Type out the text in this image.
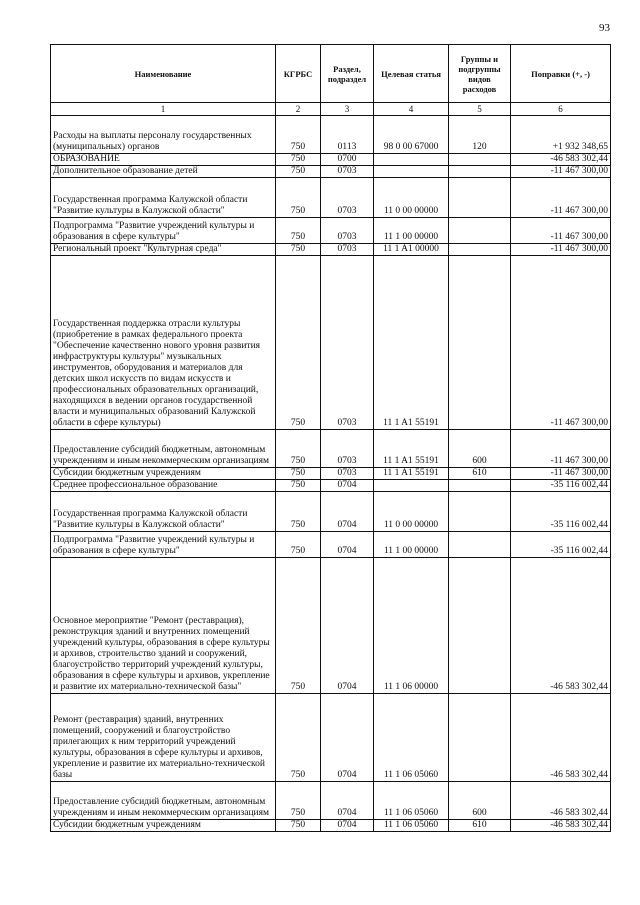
93
Наименование	КГРБС	Раздел, подраздел	Целевая статья	Группы и подгруппы видов расходов	Поправки (+, -)
1	2	3	4	5	6
Расходы на выплаты персоналу государственных (муниципальных) органов	750	0113	98 0 00 67000	120	+1 932 348,65
ОБРАЗОВАНИЕ	750	0700			-46 583 302,44
Дополнительное образование детей	750	0703			-11 467 300,00
Государственная программа Калужской области "Развитие культуры в Калужской области"	750	0703	11 0 00 00000		-11 467 300,00
Подпрограмма "Развитие учреждений культуры и образования в сфере культуры"	750	0703	11 1 00 00000		-11 467 300,00
Региональный проект "Культурная среда"	750	0703	11 1 A1 00000		-11 467 300,00
Государственная поддержка отрасли культуры (приобретение в рамках федерального проекта "Обеспечение качественно нового уровня развития инфраструктуры культуры" музыкальных инструментов, оборудования и материалов для детских школ искусств по видам искусств и профессиональных образовательных организаций, находящихся в ведении органов государственной власти и муниципальных образований Калужской области в сфере культуры)	750	0703	11 1 A1 55191		-11 467 300,00
Предоставление субсидий бюджетным, автономным учреждениям и иным некоммерческим организациям	750	0703	11 1 A1 55191	600	-11 467 300,00
Субсидии бюджетным учреждениям	750	0703	11 1 A1 55191	610	-11 467 300,00
Среднее профессиональное образование	750	0704			-35 116 002,44
Государственная программа Калужской области "Развитие культуры в Калужской области"	750	0704	11 0 00 00000		-35 116 002,44
Подпрограмма "Развитие учреждений культуры и образования в сфере культуры"	750	0704	11 1 00 00000		-35 116 002,44
Основное мероприятие "Ремонт (реставрация), реконструкция зданий и внутренних помещений учреждений культуры, образования в сфере культуры и архивов, строительство зданий и сооружений, благоустройство территорий учреждений культуры, образования в сфере культуры и архивов, укрепление и развитие их материально-технической базы"	750	0704	11 1 06 00000		-46 583 302,44
Ремонт (реставрация) зданий, внутренних помещений, сооружений и благоустройство прилегающих к ним территорий учреждений культуры, образования в сфере культуры и архивов, укрепление и развитие их материально-технической базы	750	0704	11 1 06 05060		-46 583 302,44
Предоставление субсидий бюджетным, автономным учреждениям и иным некоммерческим организациям	750	0704	11 1 06 05060	600	-46 583 302,44
Субсидии бюджетным учреждениям	750	0704	11 1 06 05060	610	-46 583 302,44
